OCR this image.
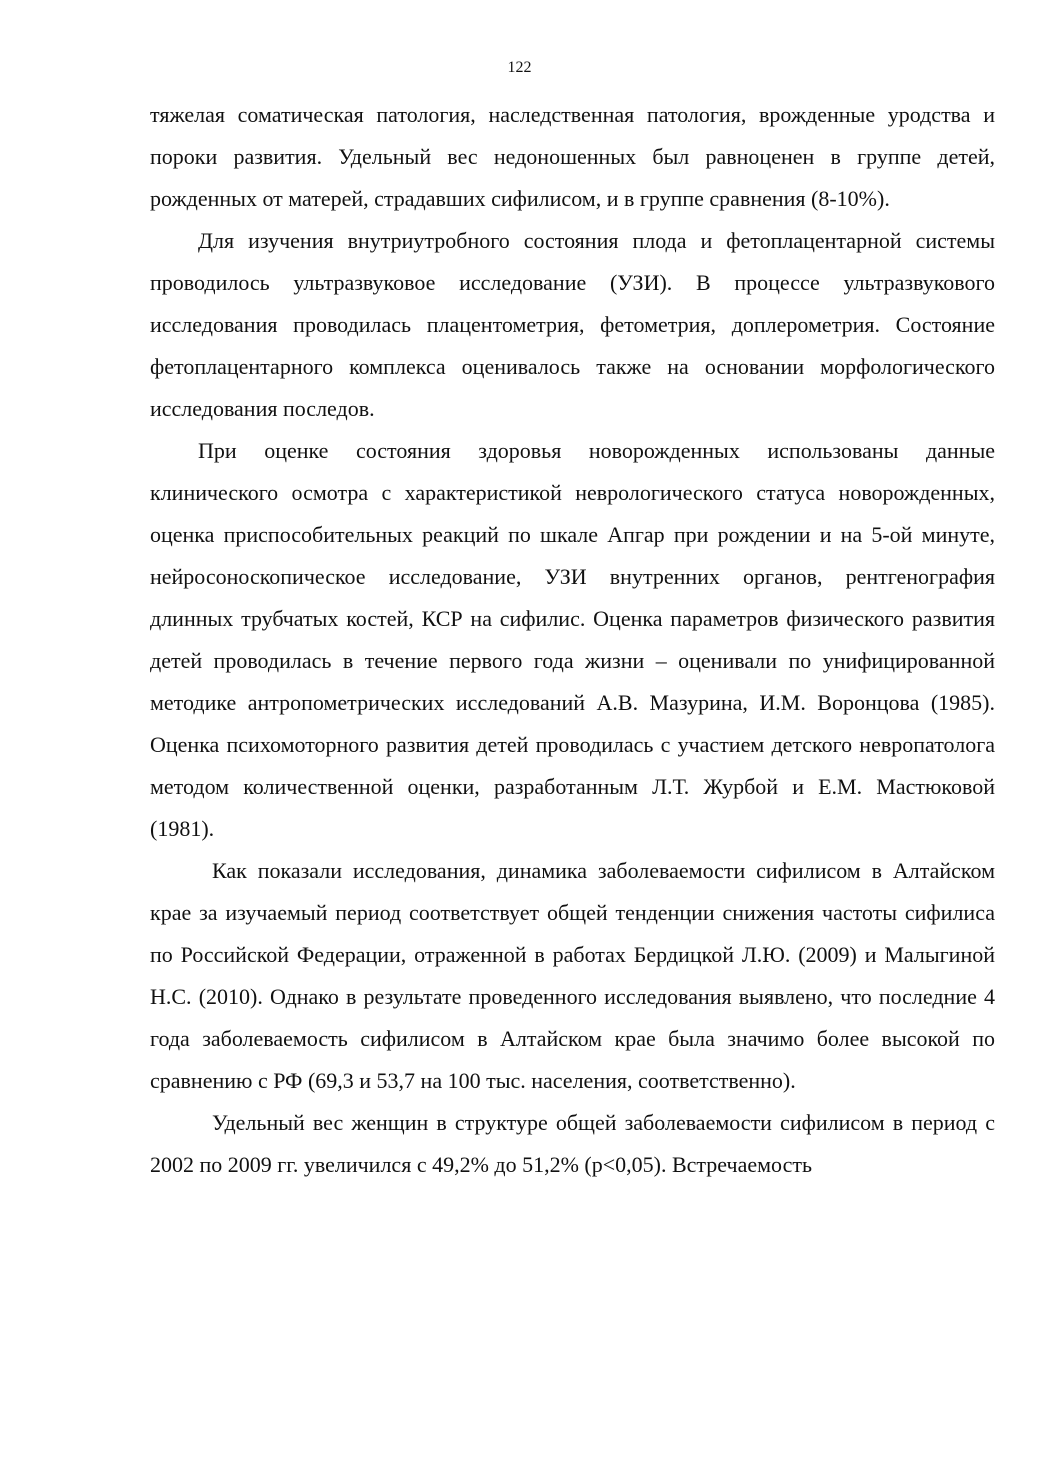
122

тяжелая соматическая патология, наследственная патология, врожденные уродства и пороки развития. Удельный вес недоношенных был равноценен в группе детей, рожденных от матерей, страдавших сифилисом, и в группе сравнения (8-10%).

Для изучения внутриутробного состояния плода и фетоплацентарной системы проводилось ультразвуковое исследование (УЗИ). В процессе ультразвукового исследования проводилась плацентометрия, фетометрия, доплерометрия. Состояние фетоплацентарного комплекса оценивалось также на основании морфологического исследования последов.

При оценке состояния здоровья новорожденных использованы данные клинического осмотра с характеристикой неврологического статуса новорожденных, оценка приспособительных реакций по шкале Апгар при рождении и на 5-ой минуте, нейросоноскопическое исследование, УЗИ внутренних органов, рентгенография длинных трубчатых костей, КСР на сифилис. Оценка параметров физического развития детей проводилась в течение первого года жизни – оценивали по унифицированной методике антропометрических исследований А.В. Мазурина, И.М. Воронцова (1985). Оценка психомоторного развития детей проводилась с участием детского невропатолога методом количественной оценки, разработанным Л.Т. Журбой и Е.М. Мастюковой (1981).

Как показали исследования, динамика заболеваемости сифилисом в Алтайском крае за изучаемый период соответствует общей тенденции снижения частоты сифилиса по Российской Федерации, отраженной в работах Бердицкой Л.Ю. (2009) и Малыгиной Н.С. (2010). Однако в результате проведенного исследования выявлено, что последние 4 года заболеваемость сифилисом в Алтайском крае была значимо более высокой по сравнению с РФ (69,3 и 53,7 на 100 тыс. населения, соответственно).

Удельный вес женщин в структуре общей заболеваемости сифилисом в период с 2002 по 2009 гг. увеличился с 49,2% до 51,2% (р<0,05). Встречаемость
